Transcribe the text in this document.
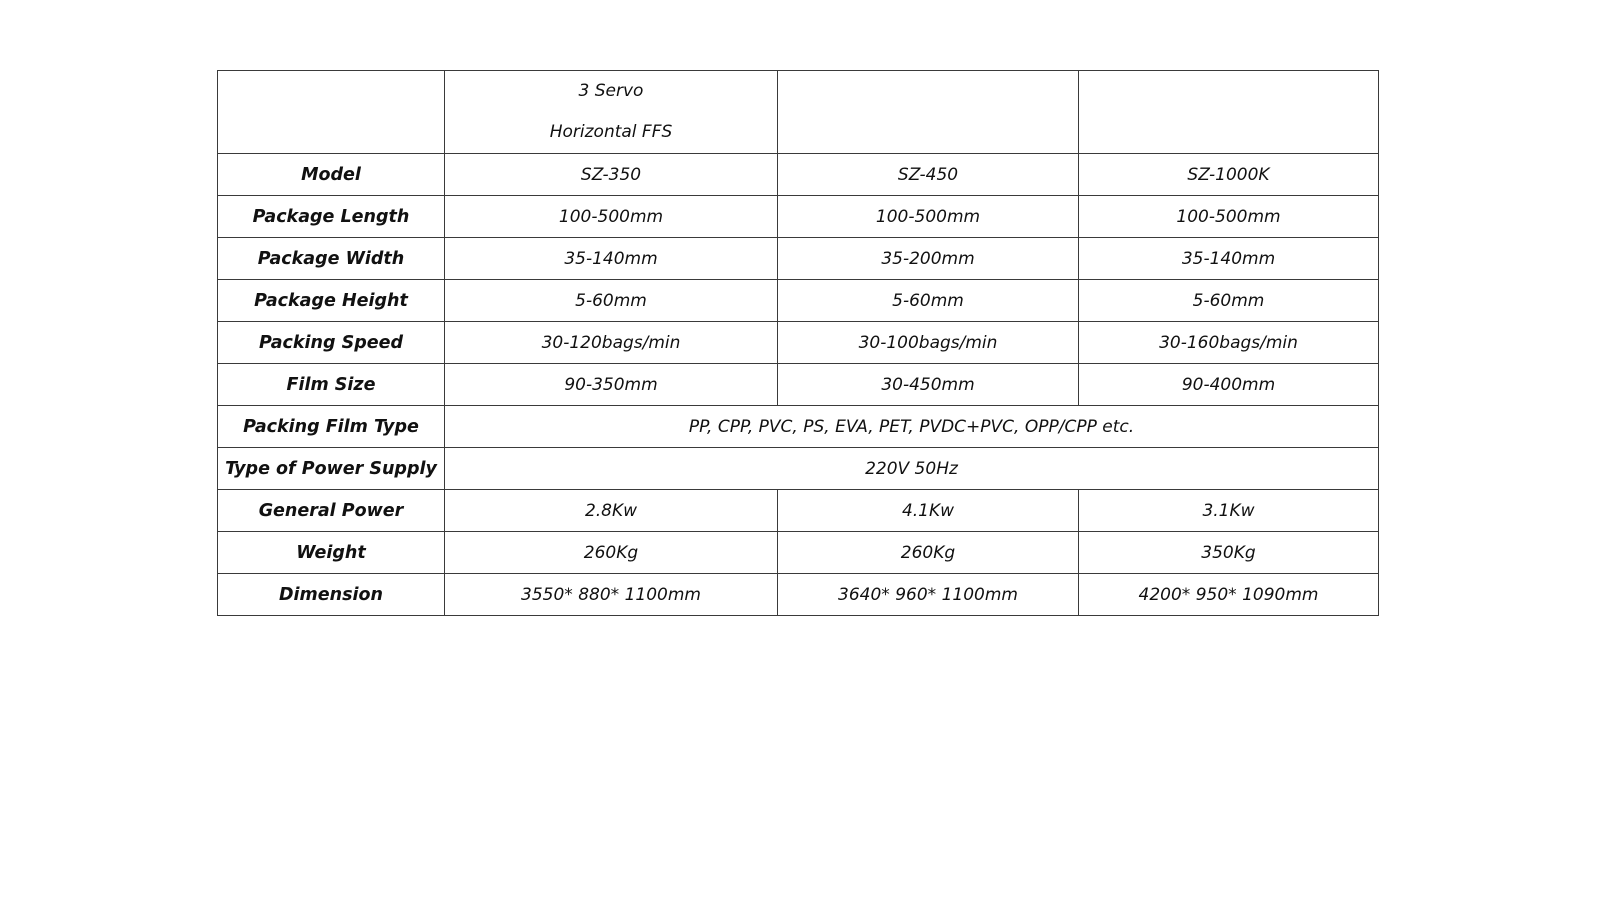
	3 Servo
Horizontal FFS		

Model	SZ-350	SZ-450	SZ-1000K
Package Length	100-500mm	100-500mm	100-500mm
Package Width	35-140mm	35-200mm	35-140mm
Package Height	5-60mm	5-60mm	5-60mm
Packing Speed	30-120bags/min	30-100bags/min	30-160bags/min
Film Size	90-350mm	30-450mm	90-400mm
Packing Film Type	PP, CPP, PVC, PS, EVA, PET, PVDC+PVC, OPP/CPP etc.		
Type of Power Supply	220V 50Hz		
General Power	2.8Kw	4.1Kw	3.1Kw
Weight	260Kg	260Kg	350Kg
Dimension	3550* 880* 1100mm	3640* 960* 1100mm	4200* 950* 1090mm
